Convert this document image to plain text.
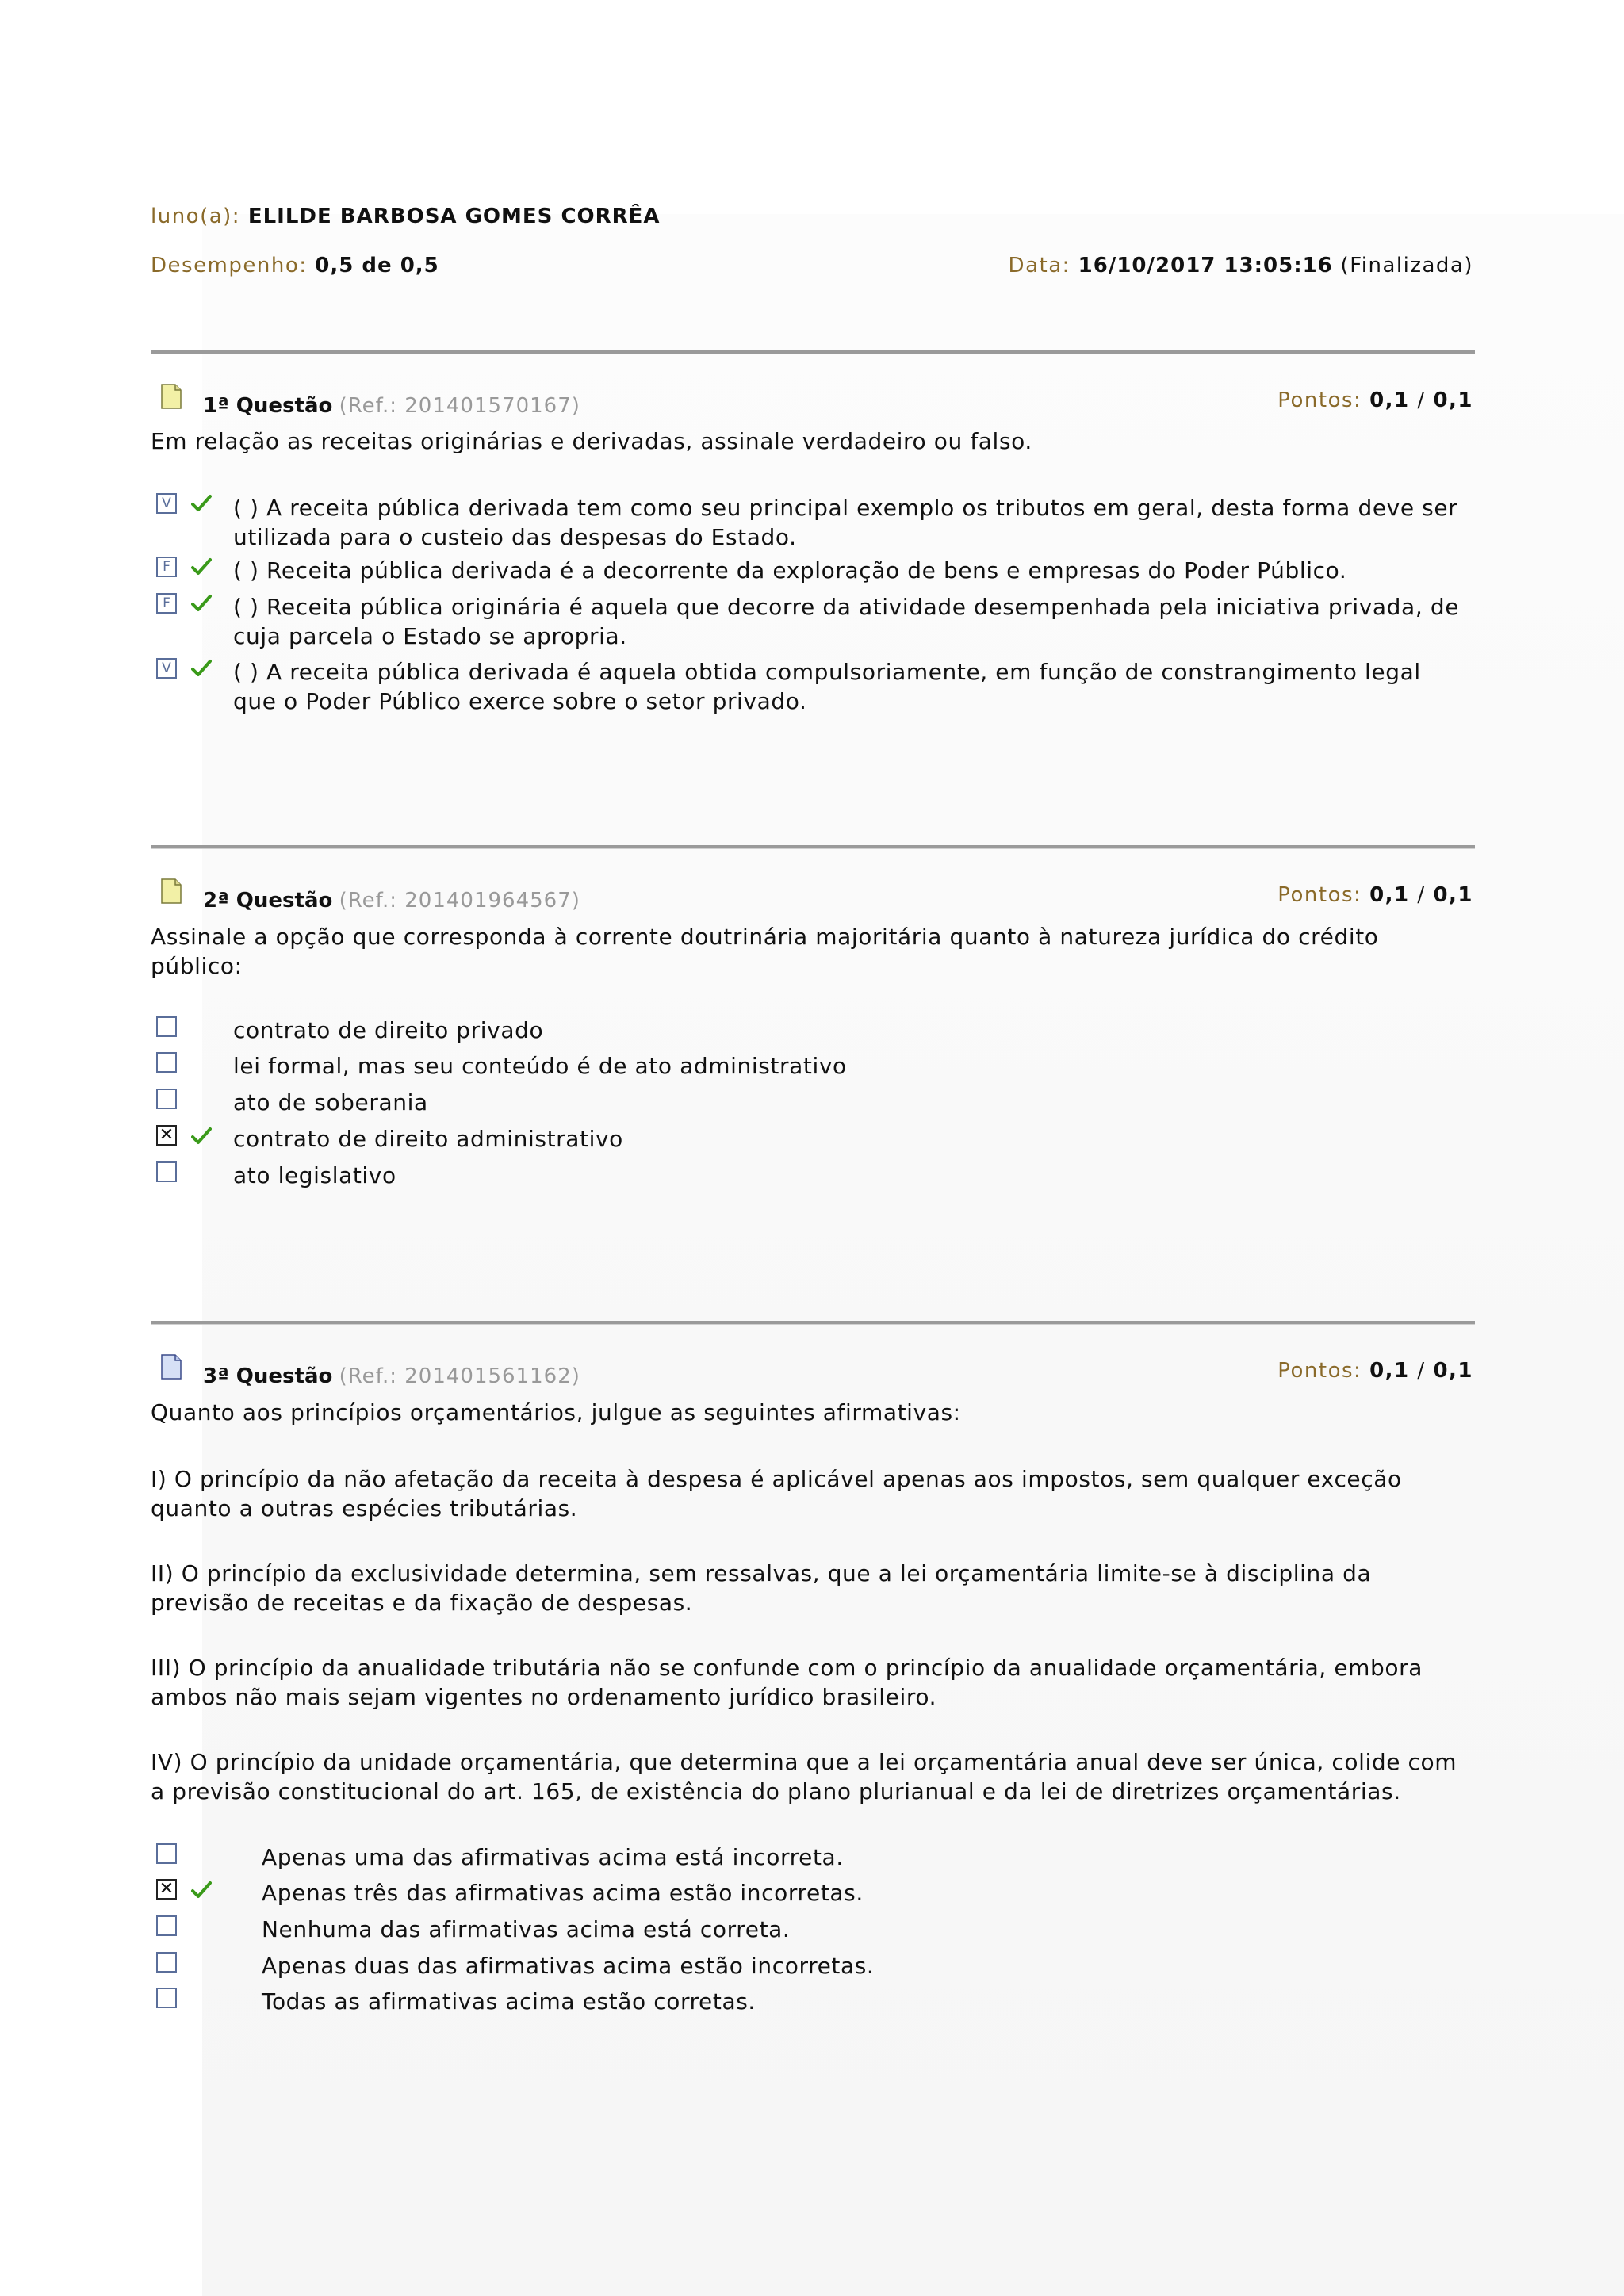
luno(a): ELILDE BARBOSA GOMES CORRÊA
Desempenho: 0,5 de 0,5	Data: 16/10/2017 13:05:16 (Finalizada)
1ª Questão (Ref.: 201401570167)	Pontos: 0,1 / 0,1
Em relação as receitas originárias e derivadas, assinale verdadeiro ou falso.
V	( ) A receita pública derivada tem como seu principal exemplo os tributos em geral, desta forma deve ser utilizada para o custeio das despesas do Estado.
F	( ) Receita pública derivada é a decorrente da exploração de bens e empresas do Poder Público.
F	( ) Receita pública originária é aquela que decorre da atividade desempenhada pela iniciativa privada, de cuja parcela o Estado se apropria.
V	( ) A receita pública derivada é aquela obtida compulsoriamente, em função de constrangimento legal que o Poder Público exerce sobre o setor privado.
2ª Questão (Ref.: 201401964567)	Pontos: 0,1 / 0,1
Assinale a opção que corresponda à corrente doutrinária majoritária quanto à natureza jurídica do crédito público:
contrato de direito privado
lei formal, mas seu conteúdo é de ato administrativo
ato de soberania
✕	contrato de direito administrativo
ato legislativo
3ª Questão (Ref.: 201401561162)	Pontos: 0,1 / 0,1
Quanto aos princípios orçamentários, julgue as seguintes afirmativas:
I) O princípio da não afetação da receita à despesa é aplicável apenas aos impostos, sem qualquer exceção quanto a outras espécies tributárias.
II) O princípio da exclusividade determina, sem ressalvas, que a lei orçamentária limite-se à disciplina da previsão de receitas e da fixação de despesas.
III) O princípio da anualidade tributária não se confunde com o princípio da anualidade orçamentária, embora ambos não mais sejam vigentes no ordenamento jurídico brasileiro.
IV) O princípio da unidade orçamentária, que determina que a lei orçamentária anual deve ser única, colide com a previsão constitucional do art. 165, de existência do plano plurianual e da lei de diretrizes orçamentárias.
Apenas uma das afirmativas acima está incorreta.
✕	Apenas três das afirmativas acima estão incorretas.
Nenhuma das afirmativas acima está correta.
Apenas duas das afirmativas acima estão incorretas.
Todas as afirmativas acima estão corretas.
